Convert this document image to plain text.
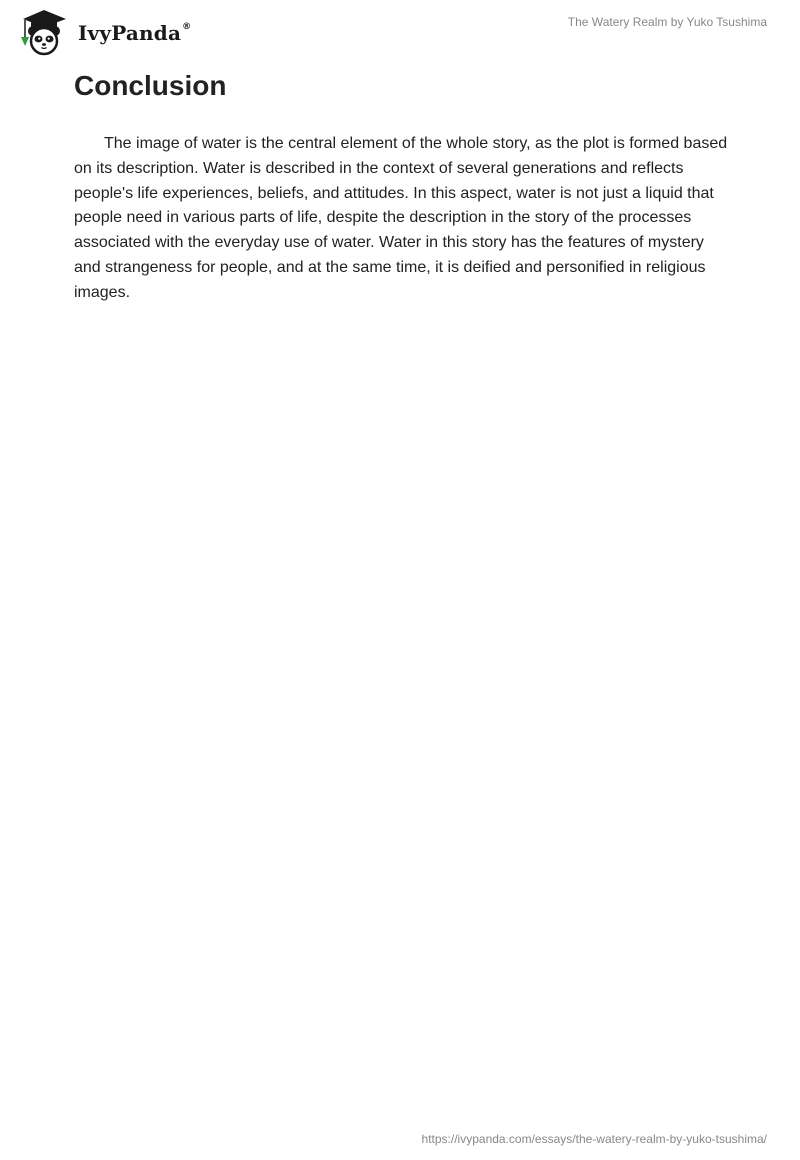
IvyPanda®	The Watery Realm by Yuko Tsushima
Conclusion

The image of water is the central element of the whole story, as the plot is formed based on its description. Water is described in the context of several generations and reflects people's life experiences, beliefs, and attitudes. In this aspect, water is not just a liquid that people need in various parts of life, despite the description in the story of the processes associated with the everyday use of water. Water in this story has the features of mystery and strangeness for people, and at the same time, it is deified and personified in religious images.

https://ivypanda.com/essays/the-watery-realm-by-yuko-tsushima/
